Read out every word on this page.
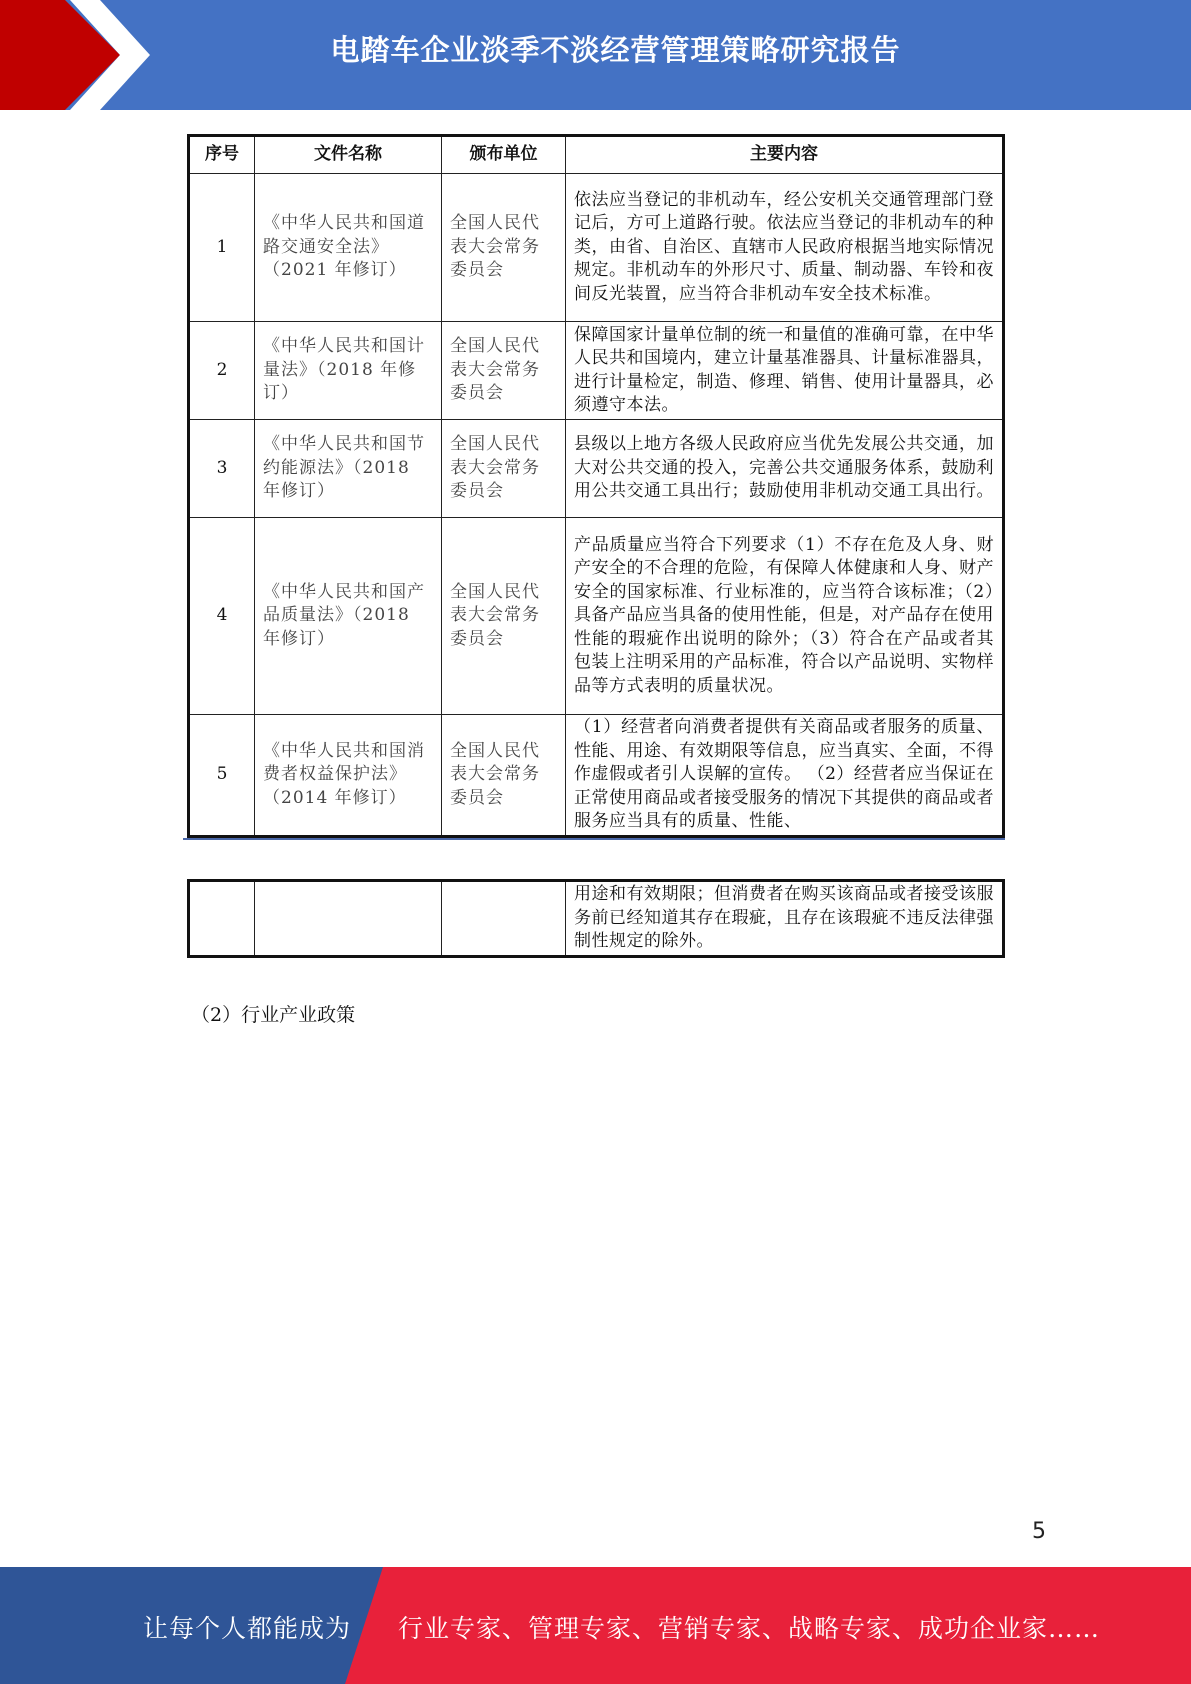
电踏车企业淡季不淡经营管理策略研究报告
序号	文件名称	颁布单位	主要内容
1	《中华人民共和国道路交通安全法》（2021 年修订）	全国人民代表大会常务委员会	依法应当登记的非机动车，经公安机关交通管理部门登记后，方可上道路行驶。依法应当登记的非机动车的种类，由省、自治区、直辖市人民政府根据当地实际情况规定。非机动车的外形尺寸、质量、制动器、车铃和夜间反光装置，应当符合非机动车安全技术标准。
2	《中华人民共和国计量法》（2018 年修订）	全国人民代表大会常务委员会	保障国家计量单位制的统一和量值的准确可靠，在中华人民共和国境内，建立计量基准器具、计量标准器具，进行计量检定，制造、修理、销售、使用计量器具，必须遵守本法。
3	《中华人民共和国节约能源法》（2018 年修订）	全国人民代表大会常务委员会	县级以上地方各级人民政府应当优先发展公共交通，加大对公共交通的投入，完善公共交通服务体系，鼓励利用公共交通工具出行；鼓励使用非机动交通工具出行。
4	《中华人民共和国产品质量法》（2018 年修订）	全国人民代表大会常务委员会	产品质量应当符合下列要求（1）不存在危及人身、财产安全的不合理的危险，有保障人体健康和人身、财产安全的国家标准、行业标准的，应当符合该标准；（2）具备产品应当具备的使用性能，但是，对产品存在使用性能的瑕疵作出说明的除外；（3）符合在产品或者其包装上注明采用的产品标准，符合以产品说明、实物样品等方式表明的质量状况。
5	《中华人民共和国消费者权益保护法》（2014 年修订）	全国人民代表大会常务委员会	（1）经营者向消费者提供有关商品或者服务的质量、性能、用途、有效期限等信息，应当真实、全面，不得作虚假或者引人误解的宣传。 （2）经营者应当保证在正常使用商品或者接受服务的情况下其提供的商品或者服务应当具有的质量、性能、
			用途和有效期限；但消费者在购买该商品或者接受该服务前已经知道其存在瑕疵，且存在该瑕疵不违反法律强制性规定的除外。
（2）行业产业政策
5
让每个人都能成为 行业专家、管理专家、营销专家、战略专家、成功企业家……
